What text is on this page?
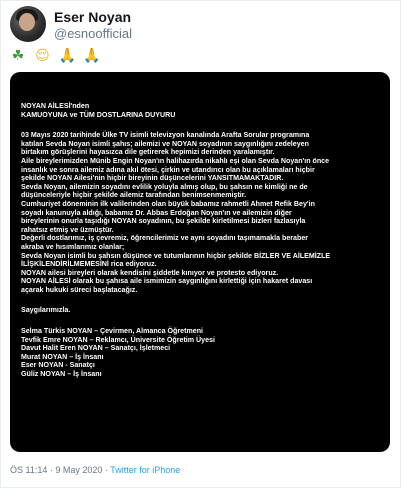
Eser Noyan
@esnoofficial
☘ 😌 🙏 🙏

NOYAN AİLESİ'nden

KAMUOYUNA ve TÜM DOSTLARINA DUYURU

03 Mayıs 2020 tarihinde Ülke TV isimli televizyon kanalında Arafta Sorular programına

katılan Sevda Noyan isimli şahıs; ailemizi ve NOYAN soyadının saygınlığını zedeleyen

birtakım görüşlerini hayasızca dile getirerek hepimizi derinden yaralamıştır.

Aile bireylerimizden Münib Engin Noyan'ın halihazırda nikahlı eşi olan Sevda Noyan'ın önce

insanlık ve sonra ailemiz adına akıl ötesi, çirkin ve utandırıcı olan bu açıklamaları hiçbir

şekilde NOYAN Ailesi'nin hiçbir bireyinin düşüncelerini YANSITMAMAKTADIR.

Sevda Noyan, ailemizin soyadını evlilik yoluyla almış olup, bu şahsın ne kimliği ne de

düşünceleriyle hiçbir şekilde ailemiz tarafından benimsenmemiştir.

Cumhuriyet döneminin ilk valilerinden olan büyük babamız rahmetli Ahmet Refik Bey'in

soyadı kanunuyla aldığı, babamız Dr. Abbas Erdoğan Noyan'ın ve ailemizin diğer

bireylerinin onurla taşıdığı NOYAN soyadının, bu şekilde kirletilmesi bizleri fazlasıyla

rahatsız etmiş ve üzmüştür.

Değerli dostlarımız, iş çevremiz, öğrencilerimiz ve aynı soyadını taşımamakla beraber

akraba ve hısımlarımız olanlar;

Sevda Noyan isimli bu şahsın düşünce ve tutumlarının hiçbir şekilde BİZLER VE AİLEMİZLE

İLİŞKİLENDİRİLMEMESİNİ rica ediyoruz.

NOYAN ailesi bireyleri olarak kendisini şiddetle kınıyor ve protesto ediyoruz.

NOYAN AİLESİ olarak bu şahısa aile ismimizin saygınlığını kirlettiği için hakaret davası

açarak hukuki süreci başlatacağız.

Saygılarımızla.

Selma Türkis NOYAN – Çevirmen, Almanca Öğretmeni

Tevfik Emre NOYAN – Reklamcı, Üniversite Öğretim Üyesi

Davut Halit Eren NOYAN – Sanatçı, İşletmeci

Murat NOYAN – İş İnsanı

Eser NOYAN - Sanatçı

Güliz NOYAN – İş İnsanı

ÖS 11:14 · 9 May 2020 · Twitter for iPhone
